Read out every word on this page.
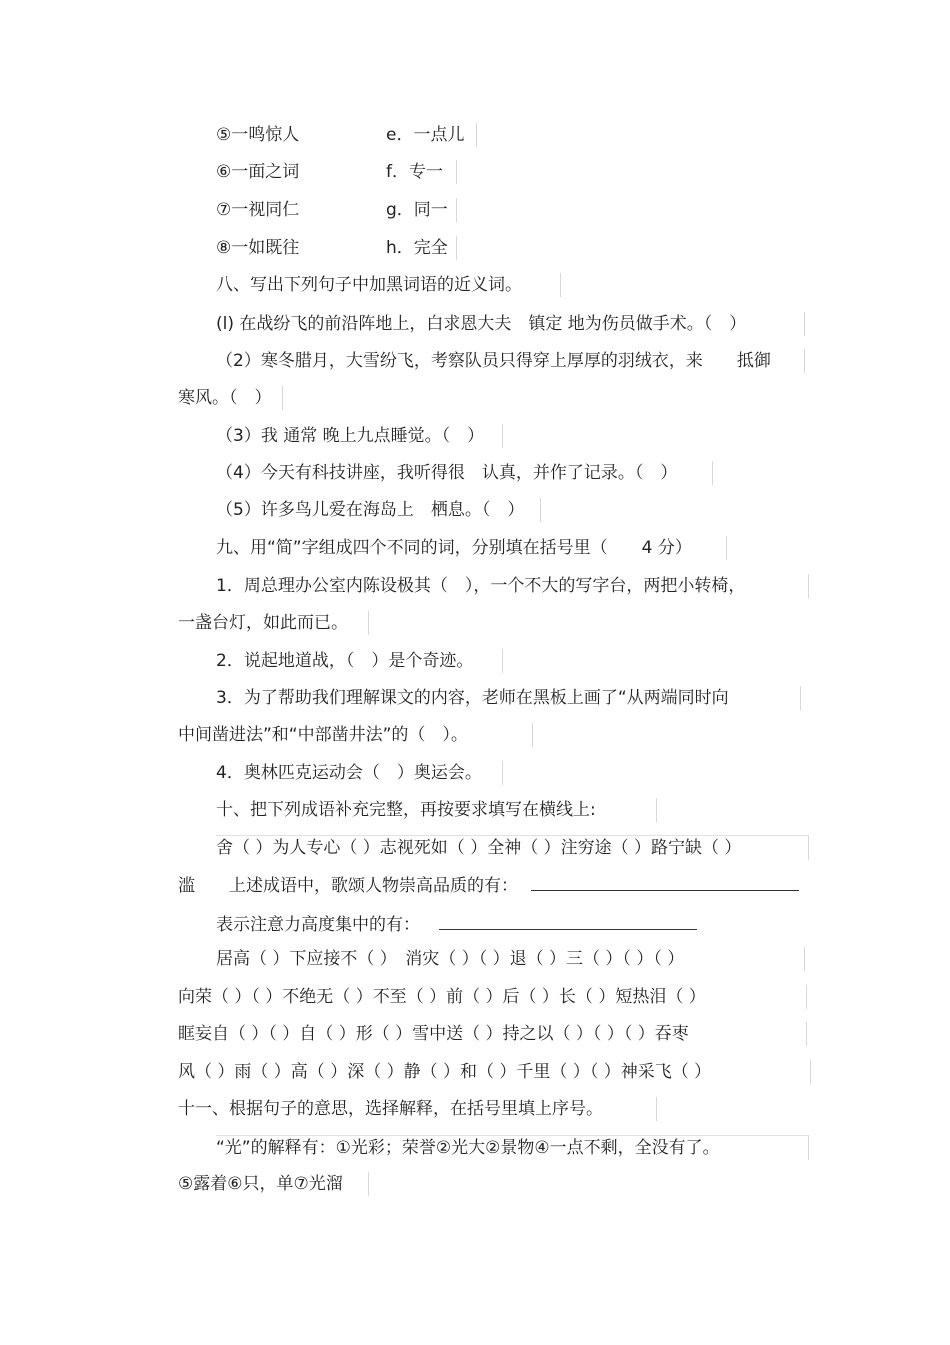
⑤一鸣惊人	e．一点儿
⑥一面之词	f．专一
⑦一视同仁	g．同一
⑧一如既往	h．完全
八、写出下列句子中加黑词语的近义词。
(l) 在战纷飞的前沿阵地上，白求恩大夫　镇定 地为伤员做手术。（　）
（2）寒冬腊月，大雪纷飞，考察队员只得穿上厚厚的羽绒衣，来　　抵御
寒风。（　）
（3）我 通常 晚上九点睡觉。（　）
（4）今天有科技讲座，我听得很　认真，并作了记录。（　）
（5）许多鸟儿爱在海岛上　栖息。（　）
九、用“简”字组成四个不同的词，分别填在括号里（　　4 分）
1．周总理办公室内陈设极其（　），一个不大的写字台，两把小转椅，
一盏台灯，如此而已。
2．说起地道战，（　）是个奇迹。
3．为了帮助我们理解课文的内容，老师在黑板上画了“从两端同时向
中间凿进法”和“中部凿井法”的（　）。
4．奥林匹克运动会（　）奥运会。
十、把下列成语补充完整，再按要求填写在横线上:
舍（ ）为人专心（ ）志视死如（ ）全神（ ）注穷途（ ）路宁缺（ ）
滥　　上述成语中，歌颂人物崇高品质的有：
表示注意力高度集中的有：
居高（ ）下应接不（ ）　消灾（ ）（ ）退（ ）三（ ）（ ）（ ）
向荣（ ）（ ）不绝无（ ）不至（ ）前（ ）后（ ）长（ ）短热泪（ ）
眶妄自（ ）（ ）自（ ）形（ ）雪中送（ ）持之以（ ）（ ）（ ）吞枣
风（ ）雨（ ）高（ ）深（ ）静（ ）和（ ）千里（ ）（ ）神采飞（ ）
十一、根据句子的意思，选择解释，在括号里填上序号。
“光”的解释有：①光彩；荣誉②光大②景物④一点不剩，全没有了。
⑤露着⑥只，单⑦光溜
